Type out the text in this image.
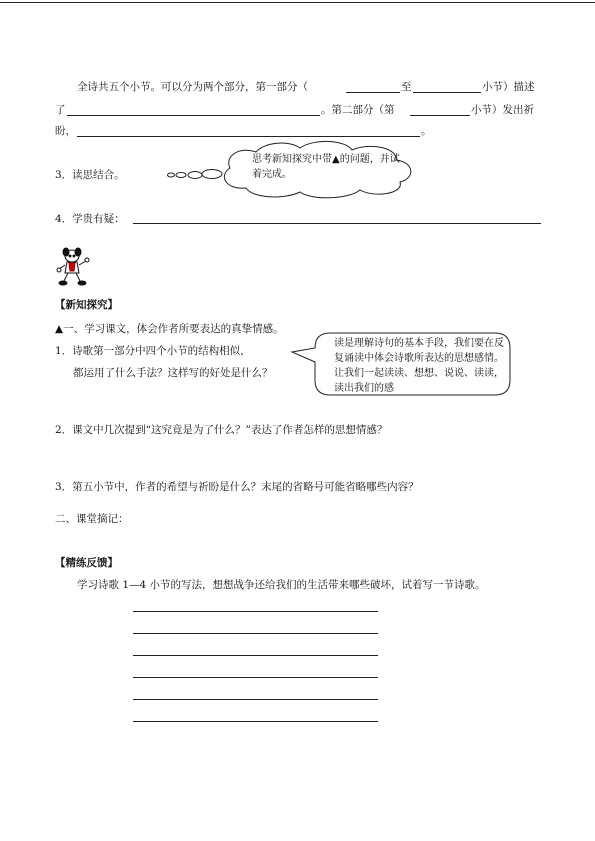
全诗共五个小节。可以分为两个部分，第一部分（	至	小节）描述
了	。第二部分（第	小节）发出祈
盼，	。
3．读思结合。
思考新知探究中带▲的问题，并试着完成。
4．学贵有疑：
【新知探究】
▲一、学习课文，体会作者所要表达的真挚情感。
1．诗歌第一部分中四个小节的结构相似，
都运用了什么手法？这样写的好处是什么？
读是理解诗句的基本手段，我们要在反复诵读中体会诗歌所表达的思想感情。让我们一起读读、想想、说说、读读，读出我们的感
2．课文中几次提到“这究竟是为了什么？”表达了作者怎样的思想情感？
3．第五小节中，作者的希望与祈盼是什么？末尾的省略号可能省略哪些内容？
二、课堂摘记：
【精练反馈】
学习诗歌 1—4 小节的写法，想想战争还给我们的生活带来哪些破坏，试着写一节诗歌。
